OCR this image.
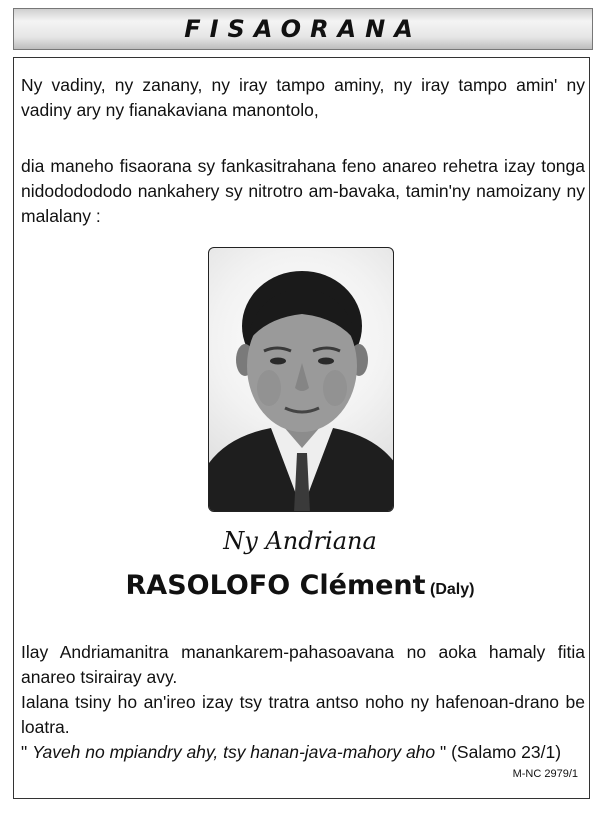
FISAORANA

Ny vadiny, ny zanany, ny iray tampo aminy, ny iray tampo amin' ny vadiny ary ny fianakaviana manontolo,

dia maneho fisaorana sy fankasitrahana feno anareo rehetra izay tonga nidododododo nankahery sy nitrotro am-bavaka, tamin'ny namoizany ny malalany :

Ny Andriana
RASOLOFO Clément (Daly)

Ilay Andriamanitra manankarem-pahasoavana no aoka hamaly fitia anareo tsirairay avy.

Ialana tsiny ho an'ireo izay tsy tratra antso noho ny hafenoan-drano be loatra.

" Yaveh no mpiandry ahy, tsy hanan-java-mahory aho " (Salamo 23/1)

M-NC 2979/1
